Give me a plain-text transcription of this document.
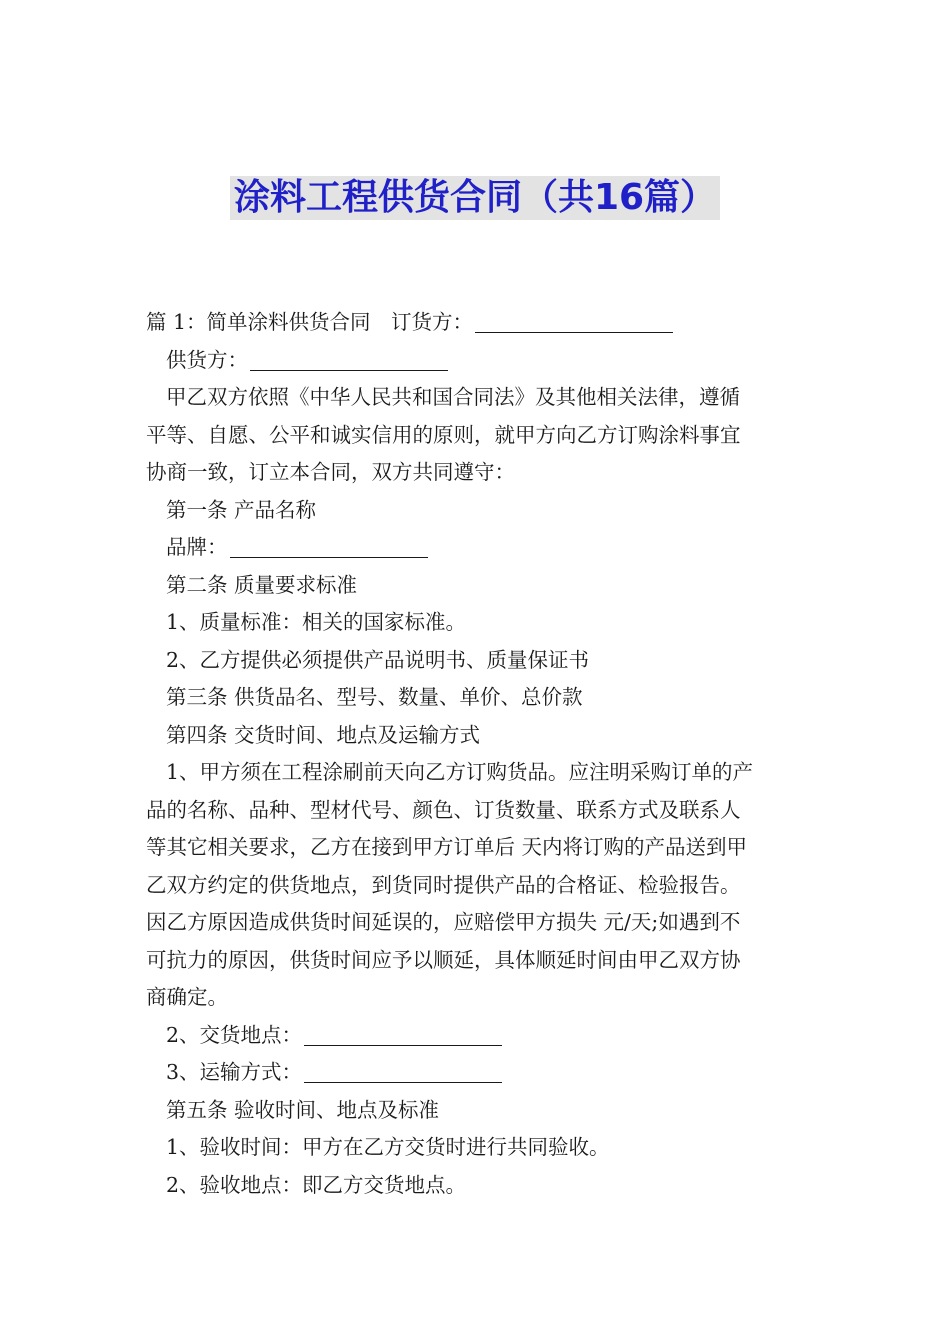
涂料工程供货合同（共16篇）
篇 1：简单涂料供货合同　订货方：
供货方：
甲乙双方依照《中华人民共和国合同法》及其他相关法律，遵循
平等、自愿、公平和诚实信用的原则，就甲方向乙方订购涂料事宜
协商一致，订立本合同，双方共同遵守：
第一条 产品名称
品牌：
第二条 质量要求标准
1、质量标准：相关的国家标准。
2、乙方提供必须提供产品说明书、质量保证书
第三条 供货品名、型号、数量、单价、总价款
第四条 交货时间、地点及运输方式
1、甲方须在工程涂刷前天向乙方订购货品。应注明采购订单的产
品的名称、品种、型材代号、颜色、订货数量、联系方式及联系人
等其它相关要求，乙方在接到甲方订单后 天内将订购的产品送到甲
乙双方约定的供货地点，到货同时提供产品的合格证、检验报告。
因乙方原因造成供货时间延误的，应赔偿甲方损失 元/天;如遇到不
可抗力的原因，供货时间应予以顺延，具体顺延时间由甲乙双方协
商确定。
2、交货地点：
3、运输方式：
第五条 验收时间、地点及标准
1、验收时间：甲方在乙方交货时进行共同验收。
2、验收地点：即乙方交货地点。
